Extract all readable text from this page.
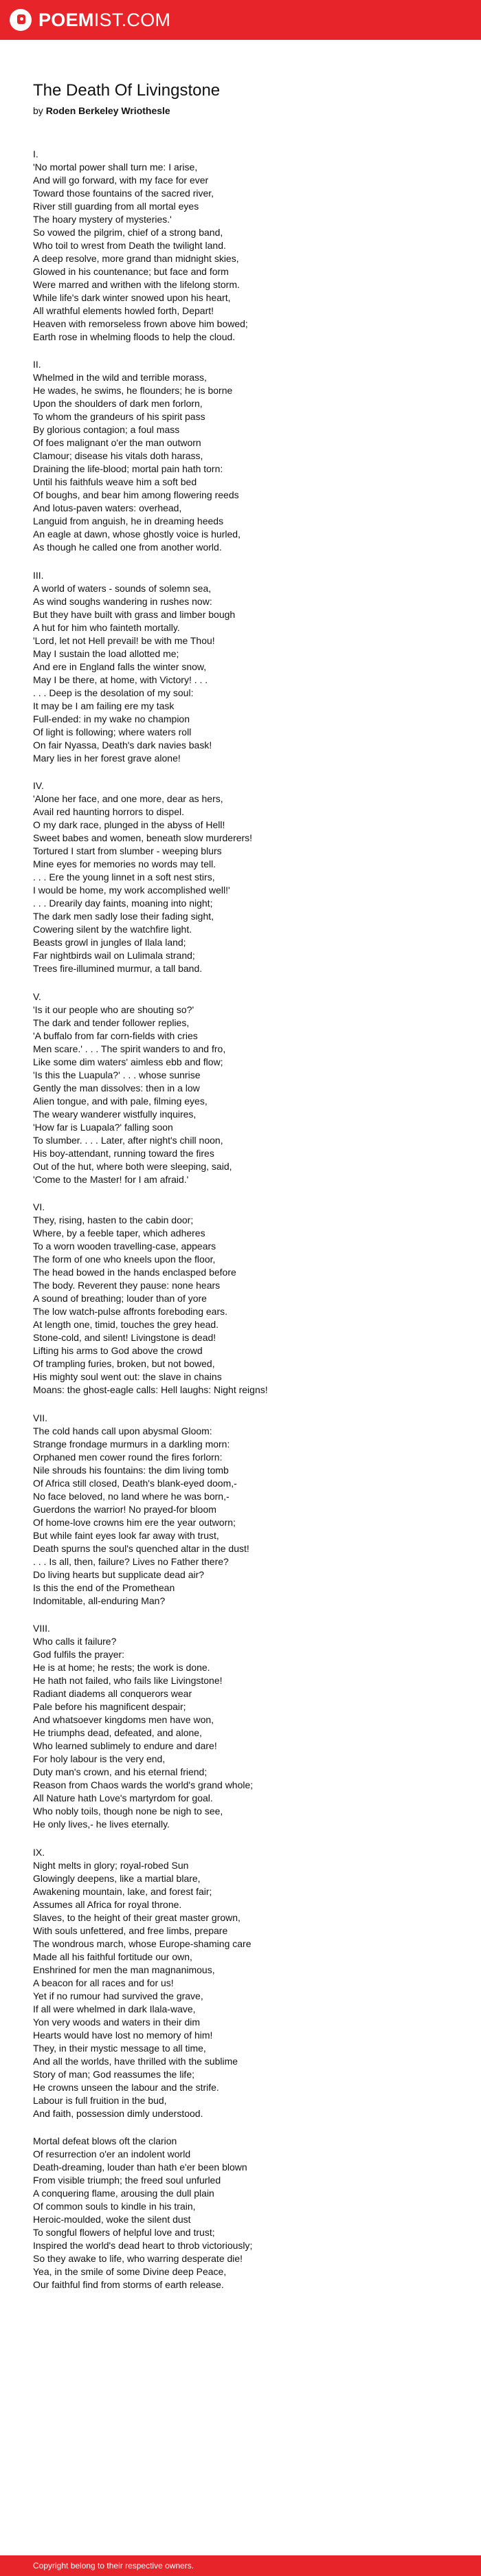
POEMIST.COM
The Death Of Livingstone
by Roden Berkeley Wriothesle
I.
'No mortal power shall turn me: I arise,
And will go forward, with my face for ever
Toward those fountains of the sacred river,
River still guarding from all mortal eyes
The hoary mystery of mysteries.'
So vowed the pilgrim, chief of a strong band,
Who toil to wrest from Death the twilight land.
A deep resolve, more grand than midnight skies,
Glowed in his countenance; but face and form
Were marred and writhen with the lifelong storm.
While life's dark winter snowed upon his heart,
All wrathful elements howled forth, Depart!
Heaven with remorseless frown above him bowed;
Earth rose in whelming floods to help the cloud.
II.
Whelmed in the wild and terrible morass,
He wades, he swims, he flounders; he is borne
Upon the shoulders of dark men forlorn,
To whom the grandeurs of his spirit pass
By glorious contagion; a foul mass
Of foes malignant o'er the man outworn
Clamour; disease his vitals doth harass,
Draining the life-blood; mortal pain hath torn:
Until his faithfuls weave him a soft bed
Of boughs, and bear him among flowering reeds
And lotus-paven waters: overhead,
Languid from anguish, he in dreaming heeds
An eagle at dawn, whose ghostly voice is hurled,
As though he called one from another world.
III.
A world of waters - sounds of solemn sea,
As wind soughs wandering in rushes now:
But they have built with grass and limber bough
A hut for him who fainteth mortally.
'Lord, let not Hell prevail! be with me Thou!
May I sustain the load allotted me;
And ere in England falls the winter snow,
May I be there, at home, with Victory! . . .
. . . Deep is the desolation of my soul:
It may be I am failing ere my task
Full-ended: in my wake no champion
Of light is following; where waters roll
On fair Nyassa, Death's dark navies bask!
Mary lies in her forest grave alone!
IV.
'Alone her face, and one more, dear as hers,
Avail red haunting horrors to dispel.
O my dark race, plunged in the abyss of Hell!
Sweet babes and women, beneath slow murderers!
Tortured I start from slumber - weeping blurs
Mine eyes for memories no words may tell.
. . . Ere the young linnet in a soft nest stirs,
I would be home, my work accomplished well!'
. . . Drearily day faints, moaning into night;
The dark men sadly lose their fading sight,
Cowering silent by the watchfire light.
Beasts growl in jungles of Ilala land;
Far nightbirds wail on Lulimala strand;
Trees fire-illumined murmur, a tall band.
V.
'Is it our people who are shouting so?'
The dark and tender follower replies,
'A buffalo from far corn-fields with cries
Men scare.' . . . The spirit wanders to and fro,
Like some dim waters' aimless ebb and flow;
'Is this the Luapula?' . . . whose sunrise
Gently the man dissolves: then in a low
Alien tongue, and with pale, filming eyes,
The weary wanderer wistfully inquires,
'How far is Luapala?' falling soon
To slumber. . . . Later, after night's chill noon,
His boy-attendant, running toward the fires
Out of the hut, where both were sleeping, said,
'Come to the Master! for I am afraid.'
VI.
They, rising, hasten to the cabin door;
Where, by a feeble taper, which adheres
To a worn wooden travelling-case, appears
The form of one who kneels upon the floor,
The head bowed in the hands enclasped before
The body. Reverent they pause: none hears
A sound of breathing; louder than of yore
The low watch-pulse affronts foreboding ears.
At length one, timid, touches the grey head.
Stone-cold, and silent! Livingstone is dead!
Lifting his arms to God above the crowd
Of trampling furies, broken, but not bowed,
His mighty soul went out: the slave in chains
Moans: the ghost-eagle calls: Hell laughs: Night reigns!
VII.
The cold hands call upon abysmal Gloom:
Strange frondage murmurs in a darkling morn:
Orphaned men cower round the fires forlorn:
Nile shrouds his fountains: the dim living tomb
Of Africa still closed, Death's blank-eyed doom,-
No face beloved, no land where he was born,-
Guerdons the warrior! No prayed-for bloom
Of home-love crowns him ere the year outworn;
But while faint eyes look far away with trust,
Death spurns the soul's quenched altar in the dust!
. . . Is all, then, failure? Lives no Father there?
Do living hearts but supplicate dead air?
Is this the end of the Promethean
Indomitable, all-enduring Man?
VIII.
Who calls it failure?
God fulfils the prayer:
He is at home; he rests; the work is done.
He hath not failed, who fails like Livingstone!
Radiant diadems all conquerors wear
Pale before his magnificent despair;
And whatsoever kingdoms men have won,
He triumphs dead, defeated, and alone,
Who learned sublimely to endure and dare!
For holy labour is the very end,
Duty man's crown, and his eternal friend;
Reason from Chaos wards the world's grand whole;
All Nature hath Love's martyrdom for goal.
Who nobly toils, though none be nigh to see,
He only lives,- he lives eternally.
IX.
Night melts in glory; royal-robed Sun
Glowingly deepens, like a martial blare,
Awakening mountain, lake, and forest fair;
Assumes all Africa for royal throne.
Slaves, to the height of their great master grown,
With souls unfettered, and free limbs, prepare
The wondrous march, whose Europe-shaming care
Made all his faithful fortitude our own,
Enshrined for men the man magnanimous,
A beacon for all races and for us!
Yet if no rumour had survived the grave,
If all were whelmed in dark Ilala-wave,
Yon very woods and waters in their dim
Hearts would have lost no memory of him!
They, in their mystic message to all time,
And all the worlds, have thrilled with the sublime
Story of man; God reassumes the life;
He crowns unseen the labour and the strife.
Labour is full fruition in the bud,
And faith, possession dimly understood.
Mortal defeat blows oft the clarion
Of resurrection o'er an indolent world
Death-dreaming, louder than hath e'er been blown
From visible triumph; the freed soul unfurled
A conquering flame, arousing the dull plain
Of common souls to kindle in his train,
Heroic-moulded, woke the silent dust
To songful flowers of helpful love and trust;
Inspired the world's dead heart to throb victoriously;
So they awake to life, who warring desperate die!
Yea, in the smile of some Divine deep Peace,
Our faithful find from storms of earth release.
Copyright belong to their respective owners.
